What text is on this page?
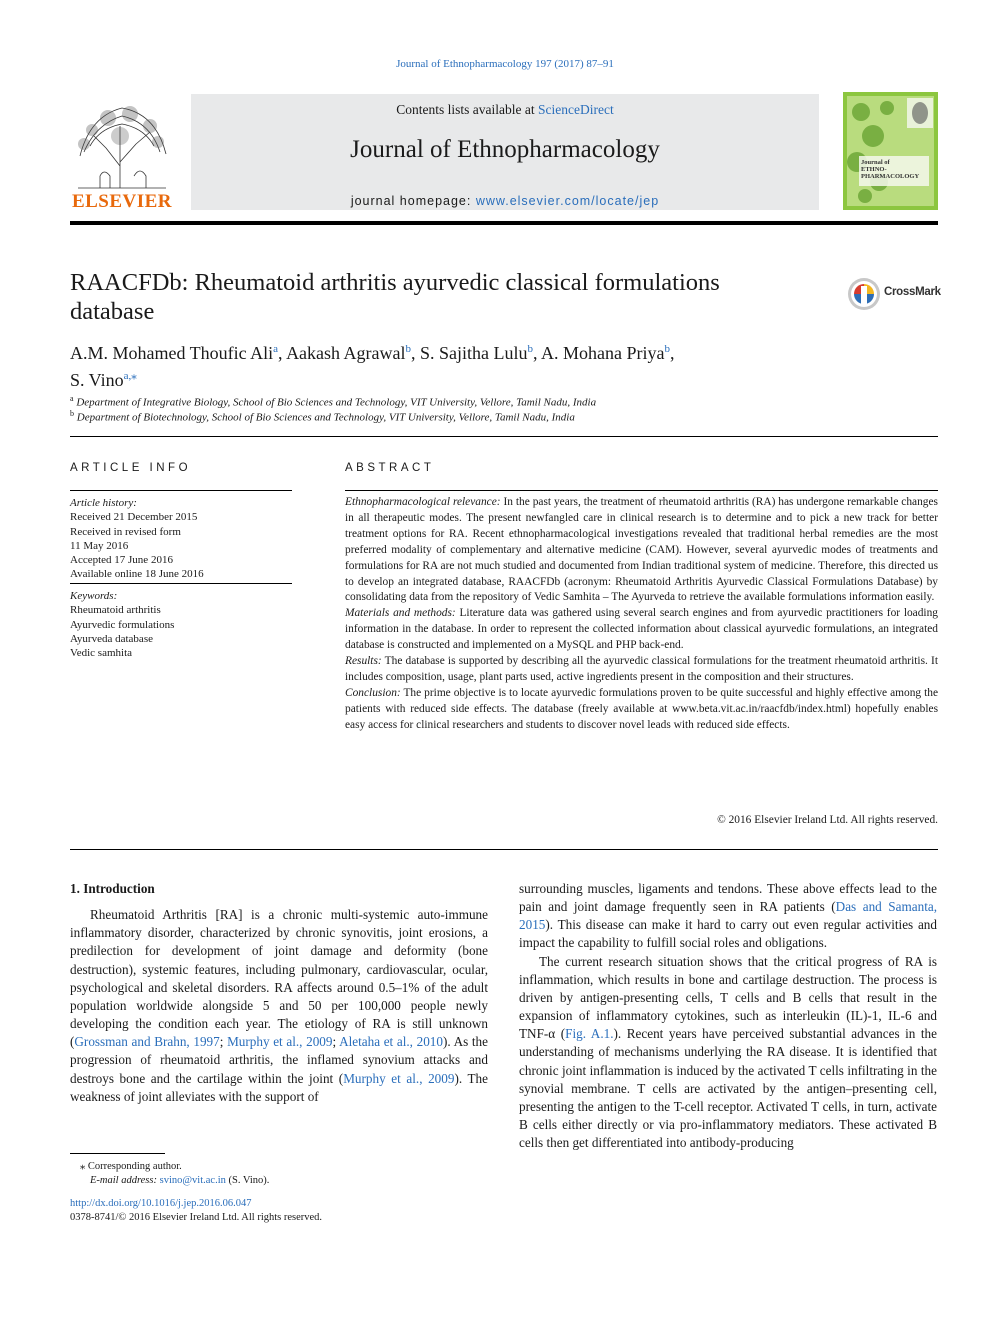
Journal of Ethnopharmacology 197 (2017) 87–91
ELSEVIER
Contents lists available at ScienceDirect
Journal of Ethnopharmacology
journal homepage: www.elsevier.com/locate/jep
Journal of
ETHNO-
PHARMACOLOGY
RAACFDb: Rheumatoid arthritis ayurvedic classical formulations database
CrossMark
A.M. Mohamed Thoufic Ali$^a$, Aakash Agrawal$^b$, S. Sajitha Lulu$^b$, A. Mohana Priya$^b$,
S. Vino$^{a,⁎}$
$^a$ Department of Integrative Biology, School of Bio Sciences and Technology, VIT University, Vellore, Tamil Nadu, India
$^b$ Department of Biotechnology, School of Bio Sciences and Technology, VIT University, Vellore, Tamil Nadu, India
ARTICLE INFO
Article history:
Received 21 December 2015
Received in revised form
11 May 2016
Accepted 17 June 2016
Available online 18 June 2016
Keywords:
Rheumatoid arthritis
Ayurvedic formulations
Ayurveda database
Vedic samhita
ABSTRACT

Ethnopharmacological relevance: In the past years, the treatment of rheumatoid arthritis (RA) has undergone remarkable changes in all therapeutic modes. The present newfangled care in clinical research is to determine and to pick a new track for better treatment options for RA. Recent ethnopharmacological investigations revealed that traditional herbal remedies are the most preferred modality of complementary and alternative medicine (CAM). However, several ayurvedic modes of treatments and formulations for RA are not much studied and documented from Indian traditional system of medicine. Therefore, this directed us to develop an integrated database, RAACFDb (acronym: Rheumatoid Arthritis Ayurvedic Classical Formulations Database) by consolidating data from the repository of Vedic Samhita – The Ayurveda to retrieve the available formulations information easily.

Materials and methods: Literature data was gathered using several search engines and from ayurvedic practitioners for loading information in the database. In order to represent the collected information about classical ayurvedic formulations, an integrated database is constructed and implemented on a MySQL and PHP back-end.

Results: The database is supported by describing all the ayurvedic classical formulations for the treatment rheumatoid arthritis. It includes composition, usage, plant parts used, active ingredients present in the composition and their structures.

Conclusion: The prime objective is to locate ayurvedic formulations proven to be quite successful and highly effective among the patients with reduced side effects. The database (freely available at www.beta.vit.ac.in/raacfdb/index.html) hopefully enables easy access for clinical researchers and students to discover novel leads with reduced side effects.

© 2016 Elsevier Ireland Ltd. All rights reserved.

1. Introduction

Rheumatoid Arthritis [RA] is a chronic multi-systemic auto-immune inflammatory disorder, characterized by chronic synovitis, joint erosions, a predilection for development of joint damage and deformity (bone destruction), systemic features, including pulmonary, cardiovascular, ocular, psychological and skeletal disorders. RA affects around 0.5–1% of the adult population worldwide alongside 5 and 50 per 100,000 people newly developing the condition each year. The etiology of RA is still unknown (Grossman and Brahn, 1997; Murphy et al., 2009; Aletaha et al., 2010). As the progression of rheumatoid arthritis, the inflamed synovium attacks and destroys bone and the cartilage within the joint (Murphy et al., 2009). The weakness of joint alleviates with the support of

surrounding muscles, ligaments and tendons. These above effects lead to the pain and joint damage frequently seen in RA patients (Das and Samanta, 2015). This disease can make it hard to carry out even regular activities and impact the capability to fulfill social roles and obligations.

The current research situation shows that the critical progress of RA is inflammation, which results in bone and cartilage destruction. The process is driven by antigen-presenting cells, T cells and B cells that result in the expansion of inflammatory cytokines, such as interleukin (IL)-1, IL-6 and TNF-α (Fig. A.1.). Recent years have perceived substantial advances in the understanding of mechanisms underlying the RA disease. It is identified that chronic joint inflammation is induced by the activated T cells infiltrating in the synovial membrane. T cells are activated by the antigen–presenting cell, presenting the antigen to the T-cell receptor. Activated T cells, in turn, activate B cells either directly or via pro-inflammatory mediators. These activated B cells then get differentiated into antibody-producing

⁎ Corresponding author.

E-mail address: svino@vit.ac.in (S. Vino).

http://dx.doi.org/10.1016/j.jep.2016.06.047

0378-8741/© 2016 Elsevier Ireland Ltd. All rights reserved.
